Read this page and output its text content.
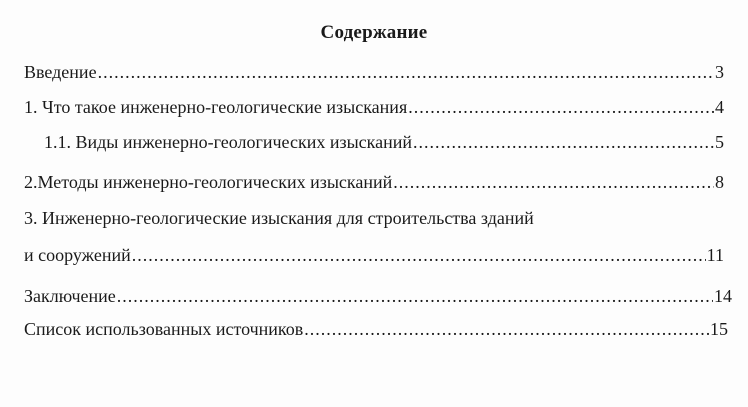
Содержание
Введение .....	3
1. Что такое инженерно-геологические изыскания .....	4
1.1. Виды инженерно-геологических изысканий .....	5
2.Методы инженерно-геологических изысканий .....	8
3. Инженерно-геологические изыскания для строительства зданий
и сооружений .....	11
Заключение .....	14
Список использованных источников .....	15
